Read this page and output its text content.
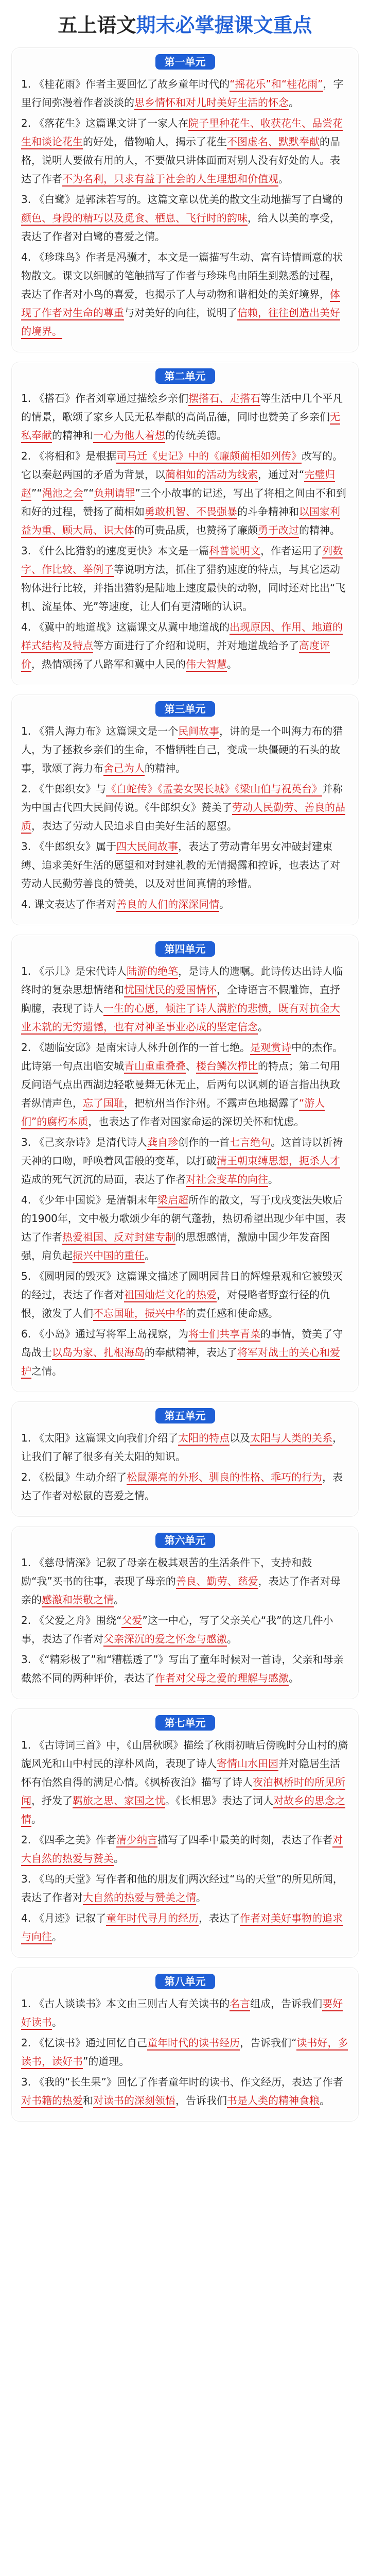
五上语文期末必掌握课文重点
第一单元
1. 《桂花雨》作者主要回忆了故乡童年时代的“摇花乐”和“桂花雨”，字里行间弥漫着作者淡淡的思乡情怀和对儿时美好生活的怀念。
2. 《落花生》这篇课文讲了一家人在院子里种花生、收获花生、品尝花生和谈论花生的好处，借物喻人，揭示了花生不图虚名、默默奉献的品格，说明人要做有用的人，不要做只讲体面而对别人没有好处的人。表达了作者不为名利，只求有益于社会的人生理想和价值观。
3. 《白鹭》是郭沫若写的。这篇文章以优美的散文生动地描写了白鹭的颜色、身段的精巧以及觅食、栖息、飞行时的韵味，给人以美的享受，表达了作者对白鹭的喜爱之情。
4. 《珍珠鸟》作者是冯骥才，本文是一篇描写生动、富有诗情画意的状物散文。课文以细腻的笔触描写了作者与珍珠鸟由陌生到熟悉的过程，表达了作者对小鸟的喜爱，也揭示了人与动物和谐相处的美好境界，体现了作者对生命的尊重与对美好的向往，说明了信赖，往往创造出美好的境界。
第二单元
1. 《搭石》作者刘章通过描绘乡亲们摆搭石、走搭石等生活中几个平凡的情景，歌颂了家乡人民无私奉献的高尚品德，同时也赞美了乡亲们无私奉献的精神和一心为他人着想的传统美德。
2. 《将相和》是根据司马迁《史记》中的《廉颇蔺相如列传》改写的。它以秦赵两国的矛盾为背景，以蔺相如的活动为线索，通过对“完璧归赵”“渑池之会”“负荆请罪”三个小故事的记述，写出了将相之间由不和到和好的过程，赞扬了蔺相如勇敢机智、不畏强暴的斗争精神和以国家利益为重、顾大局、识大体的可贵品质，也赞扬了廉颇勇于改过的精神。
3. 《什么比猎豹的速度更快》本文是一篇科普说明文，作者运用了列数字、作比较、举例子等说明方法，抓住了猎豹速度的特点，与其它运动物体进行比较，并指出猎豹是陆地上速度最快的动物，同时还对比出“飞机、流星体、光”等速度，让人们有更清晰的认识。
4. 《冀中的地道战》这篇课文从冀中地道战的出现原因、作用、地道的样式结构及特点等方面进行了介绍和说明，并对地道战给予了高度评价，热情颂扬了八路军和冀中人民的伟大智慧。
第三单元
1. 《猎人海力布》这篇课文是一个民间故事，讲的是一个叫海力布的猎人，为了拯救乡亲们的生命，不惜牺牲自己，变成一块僵硬的石头的故事，歌颂了海力布舍己为人的精神。
2. 《牛郎织女》与《白蛇传》《孟姜女哭长城》《梁山伯与祝英台》并称为中国古代四大民间传说。《牛郎织女》赞美了劳动人民勤劳、善良的品质，表达了劳动人民追求自由美好生活的愿望。
3. 《牛郎织女》属于四大民间故事，表达了劳动青年男女冲破封建束缚、追求美好生活的愿望和对封建礼教的无情揭露和控诉，也表达了对劳动人民勤劳善良的赞美，以及对世间真情的珍惜。
4. 课文表达了作者对善良的人们的深深同情。
第四单元
1. 《示儿》是宋代诗人陆游的绝笔，是诗人的遗嘱。此诗传达出诗人临终时的复杂思想情绪和忧国忧民的爱国情怀，全诗语言不假雕饰，直抒胸臆，表现了诗人一生的心愿，倾注了诗人满腔的悲愤，既有对抗金大业未就的无穷遗憾，也有对神圣事业必成的坚定信念。
2. 《题临安邸》是南宋诗人林升创作的一首七绝。是观赏诗中的杰作。此诗第一句点出临安城青山重重叠叠、楼台鳞次栉比的特点；第二句用反问语气点出西湖边轻歌曼舞无休无止，后两句以讽刺的语言指出执政者纵情声色，忘了国耻，把杭州当作汴州。不露声色地揭露了“游人们”的腐朽本质，也表达了作者对国家命运的深切关怀和忧虑。
3. 《己亥杂诗》是清代诗人龚自珍创作的一首七言绝句。这首诗以祈祷天神的口吻，呼唤着风雷般的变革，以打破清王朝束缚思想，扼杀人才造成的死气沉沉的局面，表达了作者对社会变革的向往。
4. 《少年中国说》是清朝末年梁启超所作的散文，写于戊戌变法失败后的1900年，文中极力歌颂少年的朝气蓬勃，热切希望出现少年中国，表达了作者热爱祖国、反对封建专制的思想感情，激励中国少年发奋图强，肩负起振兴中国的重任。
5. 《圆明园的毁灭》这篇课文描述了圆明园昔日的辉煌景观和它被毁灭的经过，表达了作者对祖国灿烂文化的热爱，对侵略者野蛮行径的仇恨，激发了人们不忘国耻，振兴中华的责任感和使命感。
6. 《小岛》通过写将军上岛视察，为将士们共享青菜的事情，赞美了守岛战士以岛为家、扎根海岛的奉献精神，表达了将军对战士的关心和爱护之情。
第五单元
1. 《太阳》这篇课文向我们介绍了太阳的特点以及太阳与人类的关系，让我们了解了很多有关太阳的知识。
2. 《松鼠》生动介绍了松鼠漂亮的外形、驯良的性格、乖巧的行为，表达了作者对松鼠的喜爱之情。
第六单元
1. 《慈母情深》记叙了母亲在极其艰苦的生活条件下，支持和鼓励“我”买书的往事，表现了母亲的善良、勤劳、慈爱，表达了作者对母亲的感激和崇敬之情。
2. 《父爱之舟》围绕“父爱”这一中心，写了父亲关心“我”的这几件小事，表达了作者对父亲深沉的爱之怀念与感激。
3. 《“精彩极了”和“糟糕透了”》写出了童年时候对一首诗，父亲和母亲截然不同的两种评价，表达了作者对父母之爱的理解与感激。
第七单元
1. 《古诗词三首》中，《山居秋暝》描绘了秋雨初晴后傍晚时分山村的旖旎风光和山中村民的淳朴风尚，表现了诗人寄情山水田园并对隐居生活怀有怡然自得的满足心情。《枫桥夜泊》描写了诗人夜泊枫桥时的所见所闻，抒发了羁旅之思、家国之忧。《长相思》表达了词人对故乡的思念之情。
2. 《四季之美》作者清少纳言描写了四季中最美的时刻，表达了作者对大自然的热爱与赞美。
3. 《鸟的天堂》写作者和他的朋友们两次经过“鸟的天堂”的所见所闻，表达了作者对大自然的热爱与赞美之情。
4. 《月迹》记叙了童年时代寻月的经历，表达了作者对美好事物的追求与向往。
第八单元
1. 《古人谈读书》本文由三则古人有关读书的名言组成，告诉我们要好好读书。
2. 《忆读书》通过回忆自己童年时代的读书经历，告诉我们“读书好，多读书，读好书”的道理。
3. 《我的“长生果”》回忆了作者童年时的读书、作文经历，表达了作者对书籍的热爱和对读书的深刻领悟，告诉我们书是人类的精神食粮。
